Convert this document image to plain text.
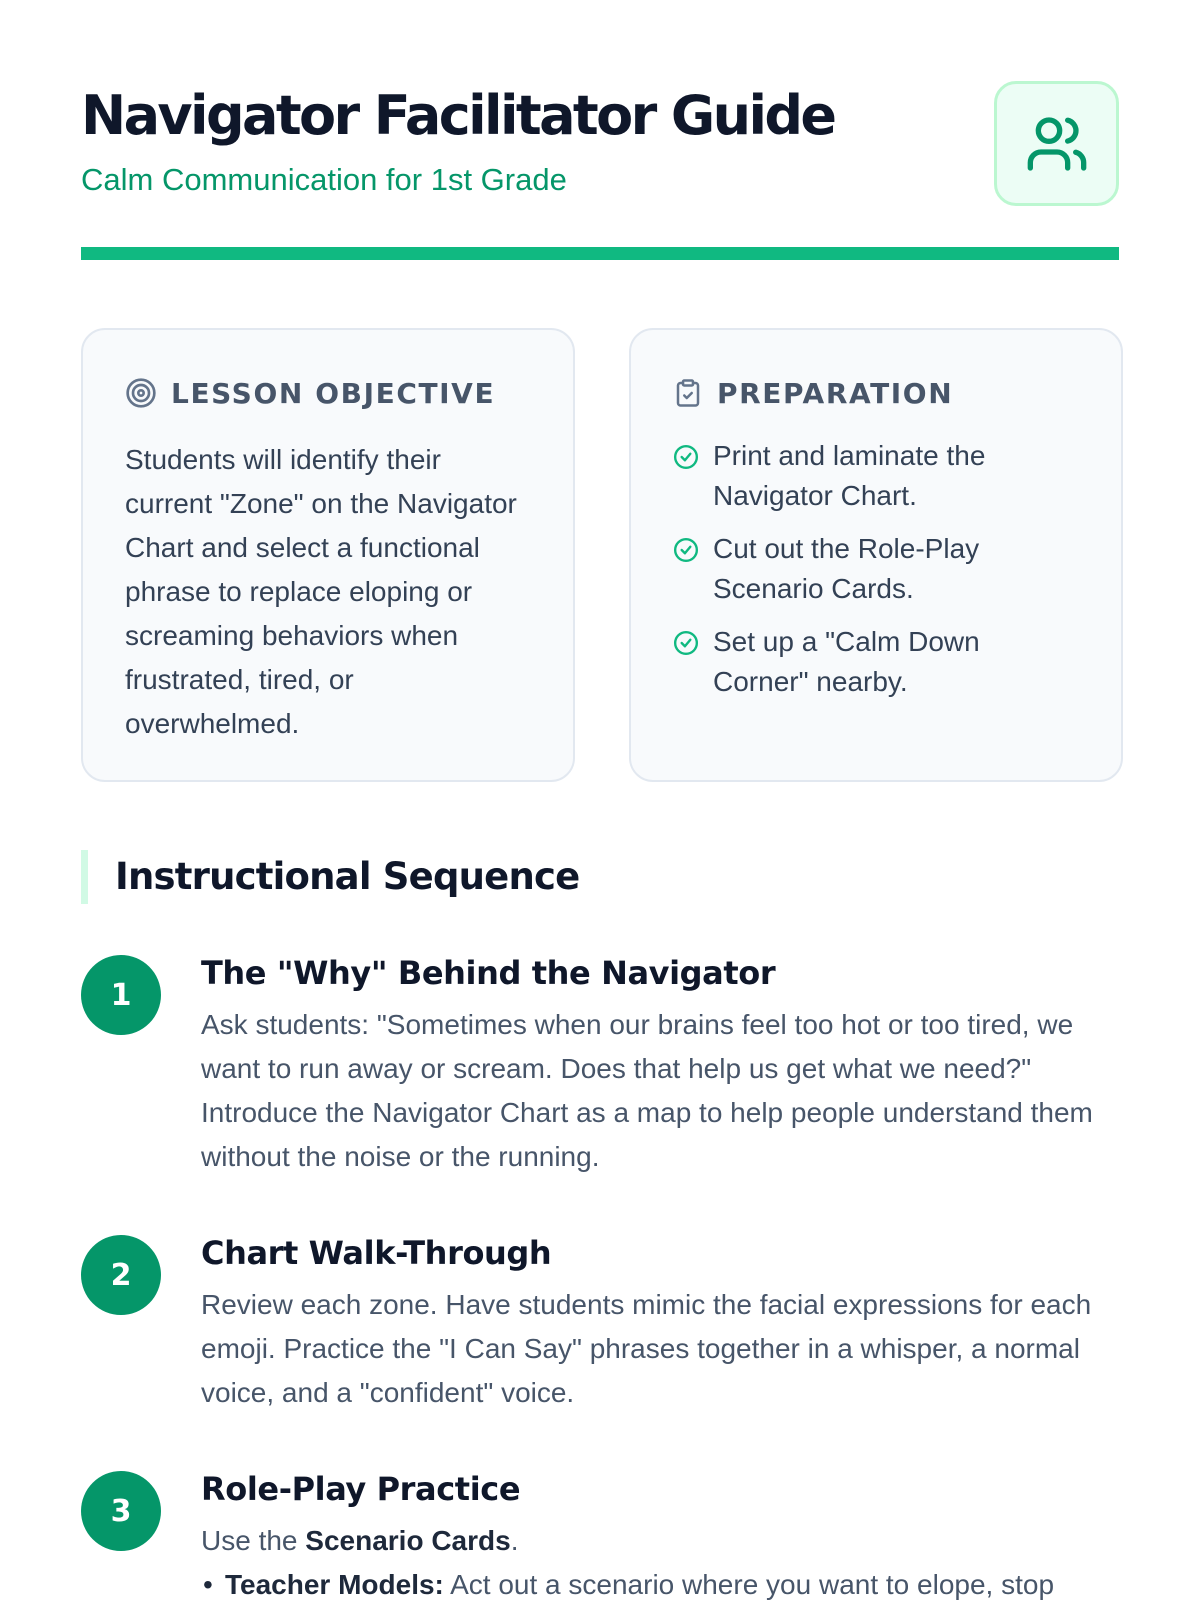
Navigator Facilitator Guide
Calm Communication for 1st Grade
LESSON OBJECTIVE

Students will identify their current "Zone" on the Navigator Chart and select a functional phrase to replace eloping or screaming behaviors when frustrated, tired, or overwhelmed.

PREPARATION
Print and laminate the Navigator Chart.
Cut out the Role-Play Scenario Cards.
Set up a "Calm Down Corner" nearby.
Instructional Sequence
1
The "Why" Behind the Navigator

Ask students: "Sometimes when our brains feel too hot or too tired, we want to run away or scream. Does that help us get what we need?" Introduce the Navigator Chart as a map to help people understand them without the noise or the running.

2
Chart Walk-Through

Review each zone. Have students mimic the facial expressions for each emoji. Practice the "I Can Say" phrases together in a whisper, a normal voice, and a "confident" voice.

3
Role-Play Practice

Use the Scenario Cards.

• Teacher Models: Act out a scenario where you want to elope, stop
